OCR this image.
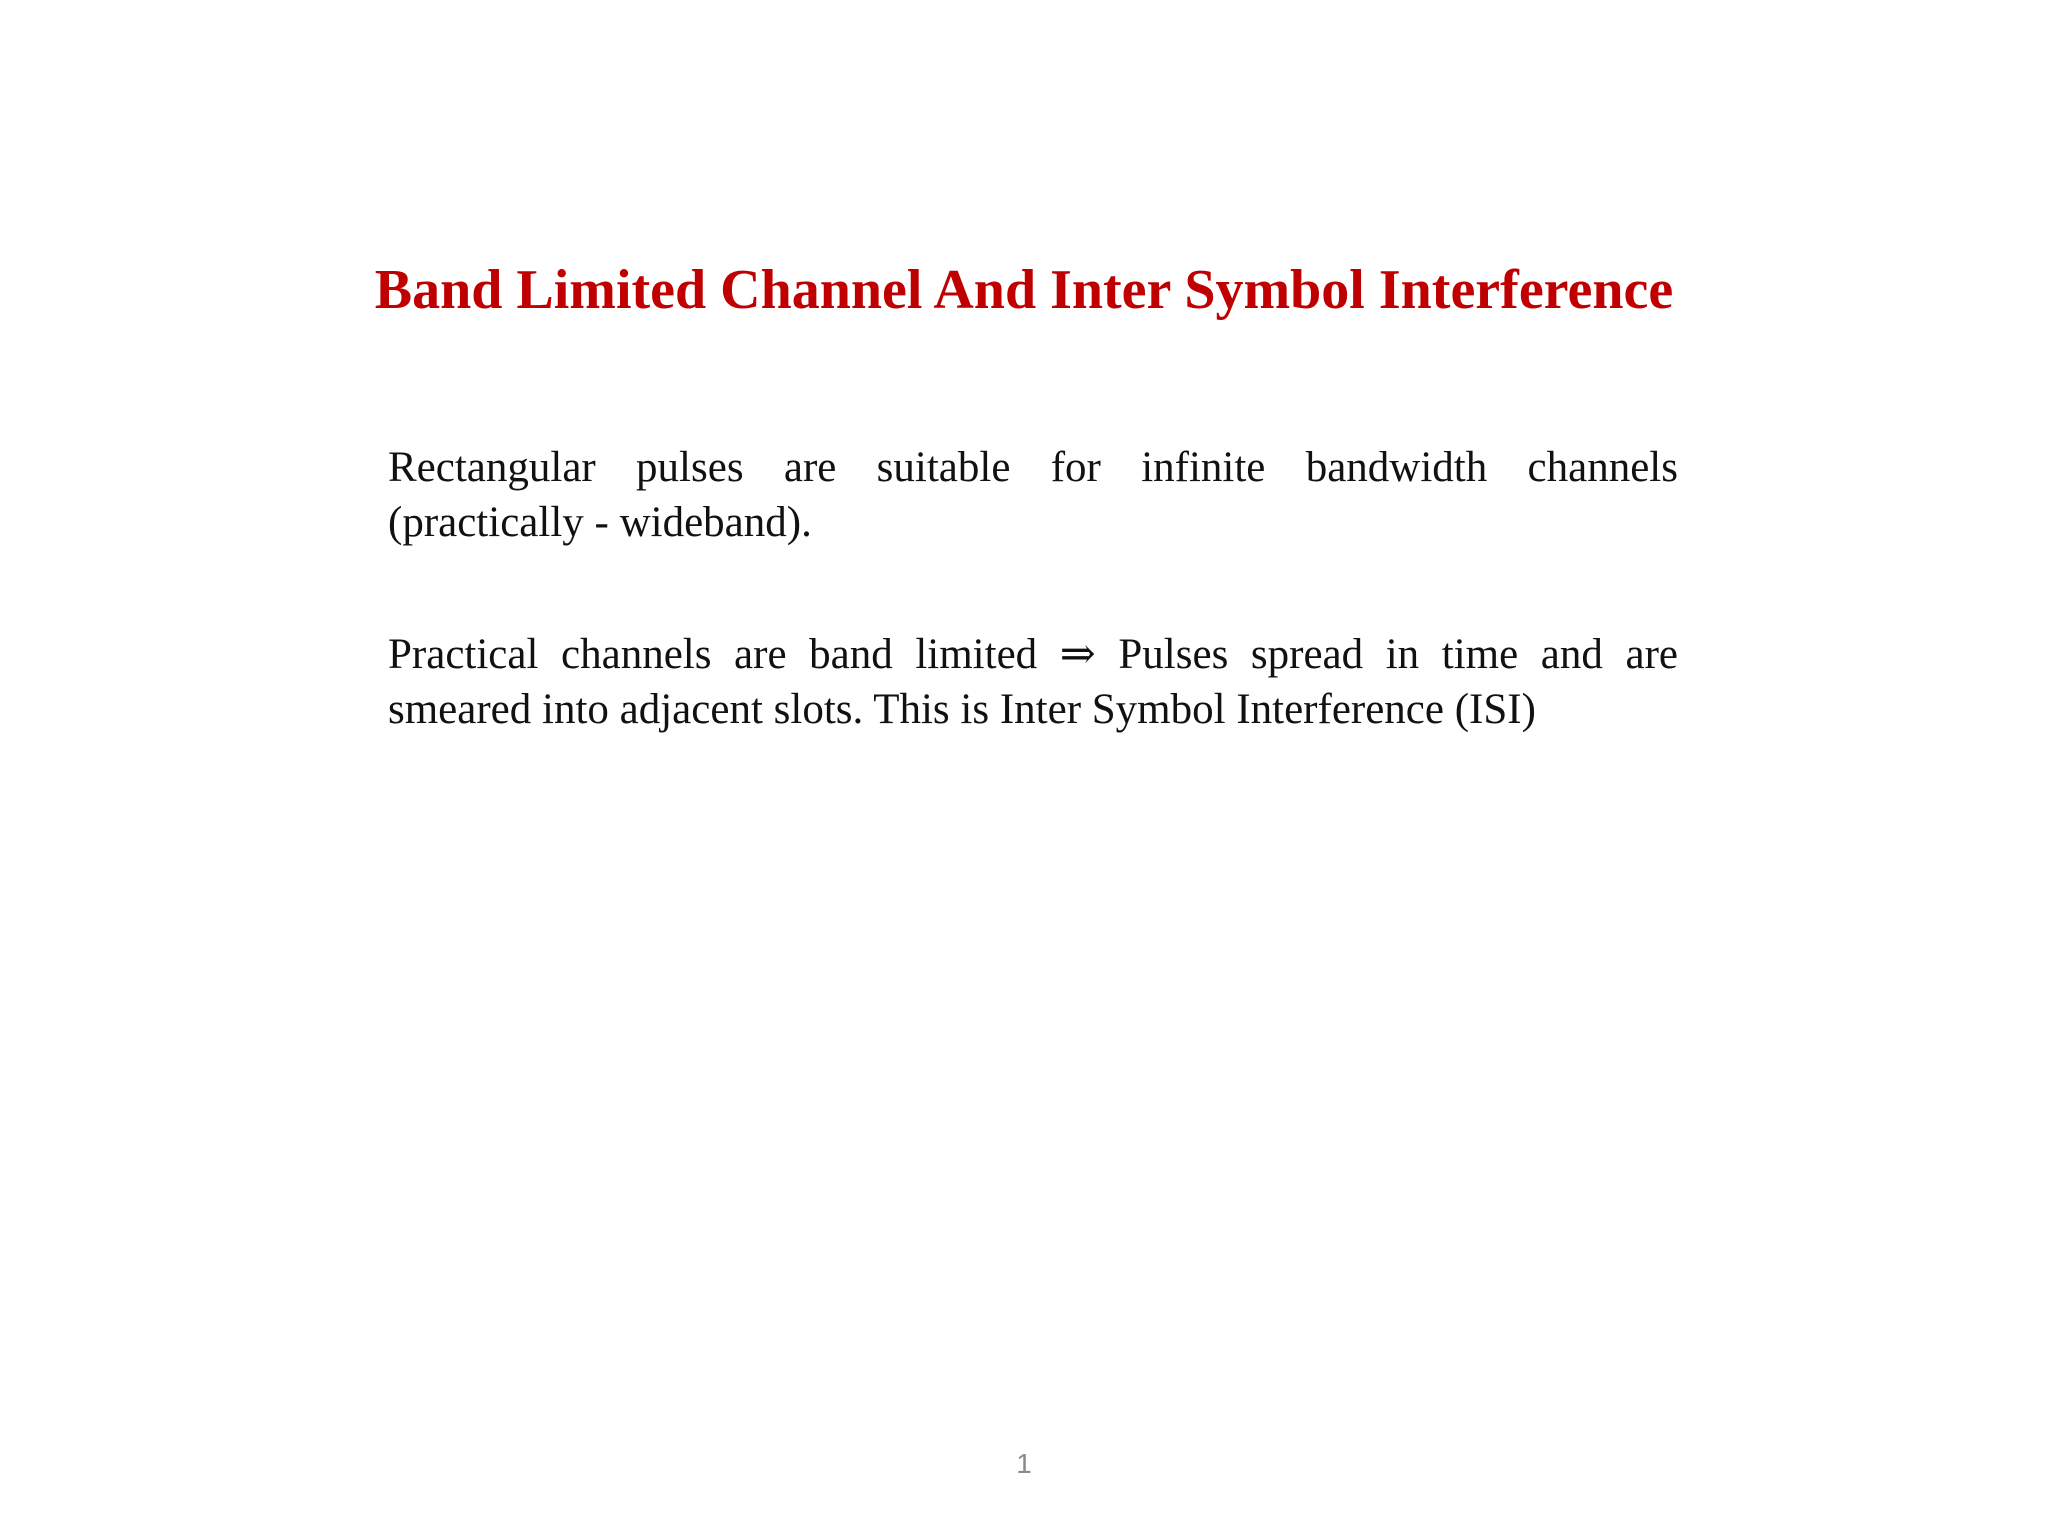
Band Limited Channel And Inter Symbol Interference

Rectangular pulses are suitable for infinite bandwidth channels
(practically - wideband).

Practical channels are band limited ⇒ Pulses spread in time and are
smeared into adjacent slots. This is Inter Symbol Interference (ISI)

1
